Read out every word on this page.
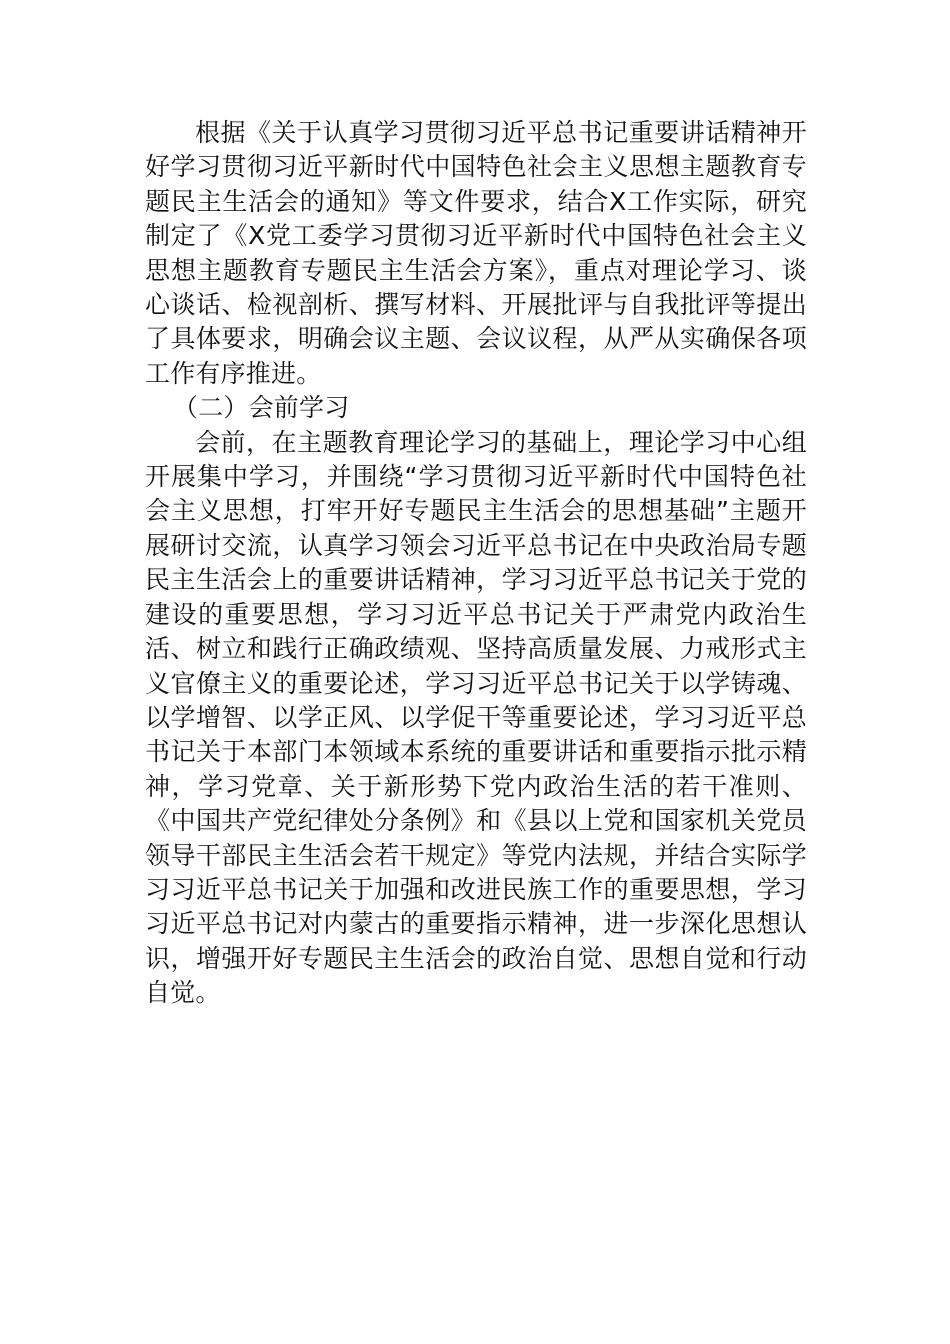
根据《关于认真学习贯彻习近平总书记重要讲话精神开好学习贯彻习近平新时代中国特色社会主义思想主题教育专题民主生活会的通知》等文件要求，结合X工作实际，研究制定了《X党工委学习贯彻习近平新时代中国特色社会主义思想主题教育专题民主生活会方案》，重点对理论学习、谈心谈话、检视剖析、撰写材料、开展批评与自我批评等提出了具体要求，明确会议主题、会议议程，从严从实确保各项工作有序推进。

（二）会前学习

会前，在主题教育理论学习的基础上，理论学习中心组开展集中学习，并围绕“学习贯彻习近平新时代中国特色社会主义思想，打牢开好专题民主生活会的思想基础”主题开展研讨交流，认真学习领会习近平总书记在中央政治局专题民主生活会上的重要讲话精神，学习习近平总书记关于党的建设的重要思想，学习习近平总书记关于严肃党内政治生活、树立和践行正确政绩观、坚持高质量发展、力戒形式主义官僚主义的重要论述，学习习近平总书记关于以学铸魂、以学增智、以学正风、以学促干等重要论述，学习习近平总书记关于本部门本领域本系统的重要讲话和重要指示批示精神，学习党章、关于新形势下党内政治生活的若干准则、《中国共产党纪律处分条例》和《县以上党和国家机关党员领导干部民主生活会若干规定》等党内法规，并结合实际学习习近平总书记关于加强和改进民族工作的重要思想，学习习近平总书记对内蒙古的重要指示精神，进一步深化思想认识，增强开好专题民主生活会的政治自觉、思想自觉和行动自觉。
